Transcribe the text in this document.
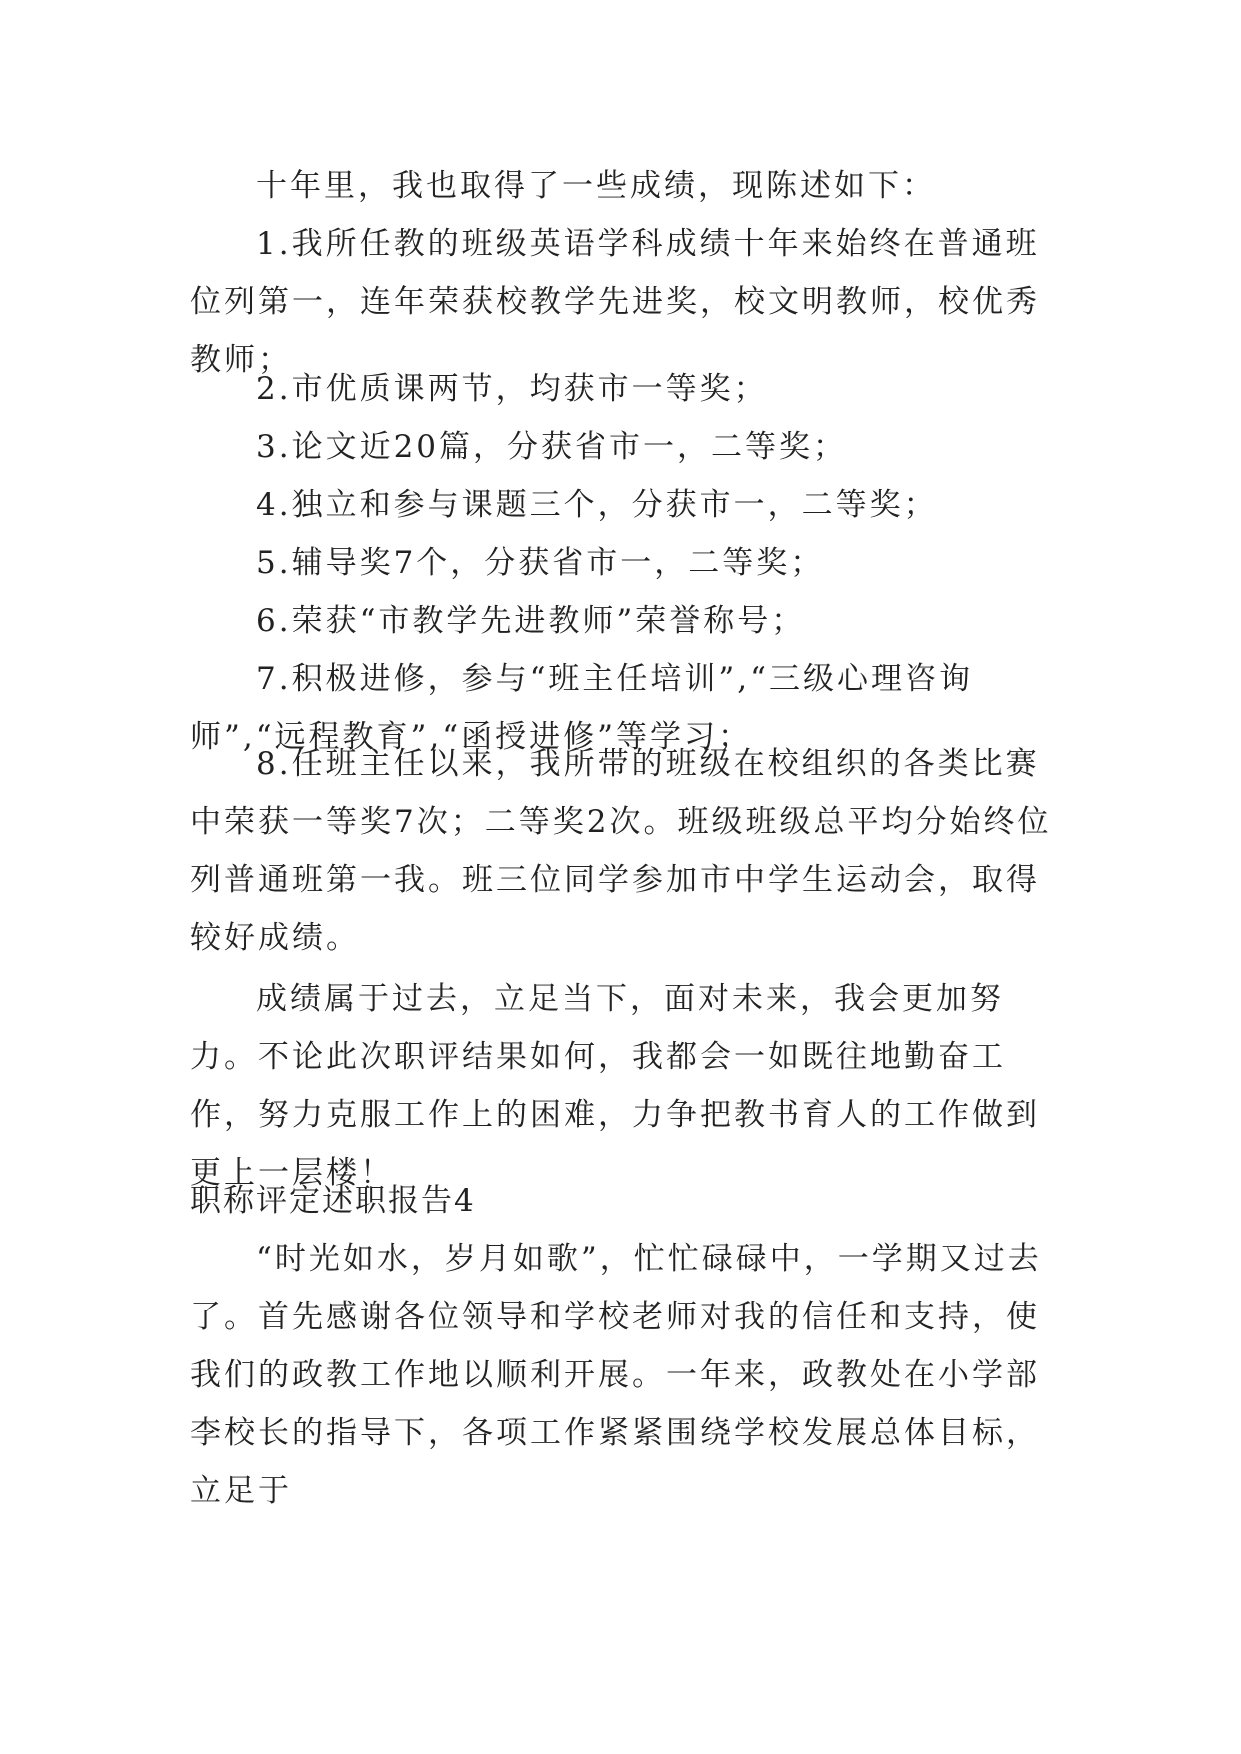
十年里，我也取得了一些成绩，现陈述如下：

1.我所任教的班级英语学科成绩十年来始终在普通班位列第一，连年荣获校教学先进奖，校文明教师，校优秀教师；

2.市优质课两节，均获市一等奖；

3.论文近20篇，分获省市一，二等奖；

4.独立和参与课题三个，分获市一，二等奖；

5.辅导奖7个，分获省市一，二等奖；

6.荣获“市教学先进教师”荣誉称号；

7.积极进修，参与“班主任培训”,“三级心理咨询师”,“远程教育”,“函授进修”等学习；

8.任班主任以来，我所带的班级在校组织的各类比赛中荣获一等奖7次；二等奖2次。班级班级总平均分始终位列普通班第一我。班三位同学参加市中学生运动会，取得较好成绩。

成绩属于过去，立足当下，面对未来，我会更加努力。不论此次职评结果如何，我都会一如既往地勤奋工作，努力克服工作上的困难，力争把教书育人的工作做到更上一层楼！

职称评定述职报告4

“时光如水，岁月如歌”，忙忙碌碌中，一学期又过去了。首先感谢各位领导和学校老师对我的信任和支持，使我们的政教工作地以顺利开展。一年来，政教处在小学部李校长的指导下，各项工作紧紧围绕学校发展总体目标，立足于
